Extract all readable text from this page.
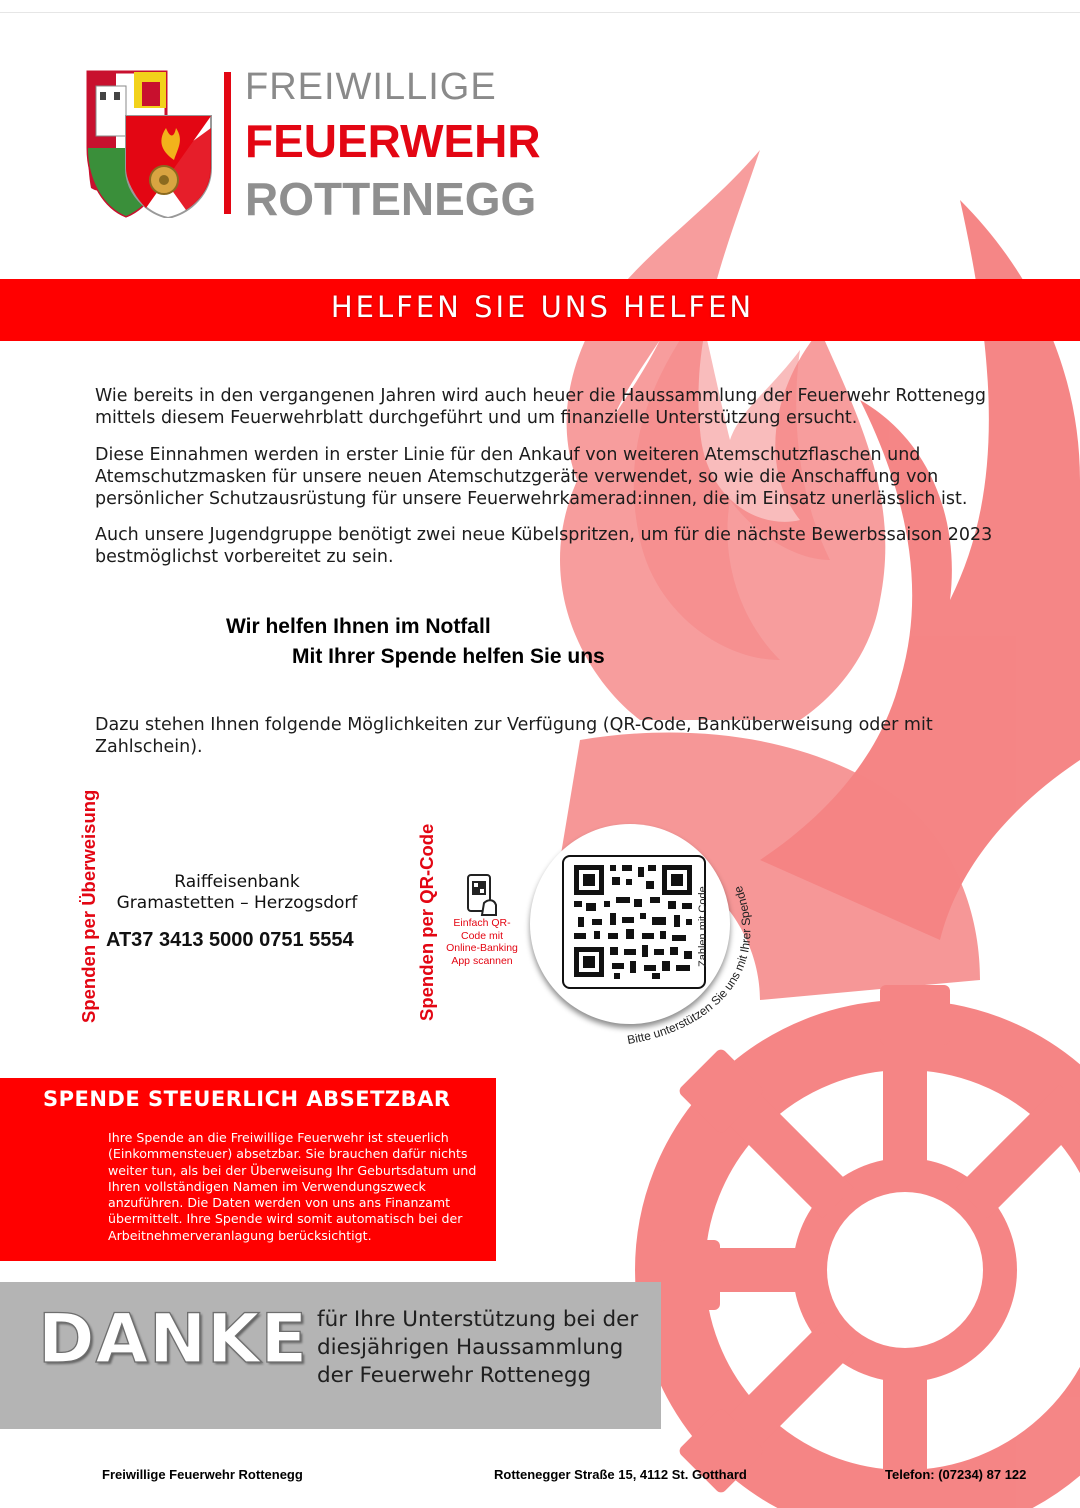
FREIWILLIGE
FEUERWEHR
ROTTENEGG
HELFEN SIE UNS HELFEN
Wie bereits in den vergangenen Jahren wird auch heuer die Haussammlung der Feuerwehr Rottenegg mittels diesem Feuerwehrblatt durchgeführt und um finanzielle Unterstützung ersucht.
Diese Einnahmen werden in erster Linie für den Ankauf von weiteren Atemschutzflaschen und Atemschutzmasken für unsere neuen Atemschutzgeräte verwendet, so wie die Anschaffung von persönlicher Schutzausrüstung für unsere Feuerwehrkamerad:innen, die im Einsatz unerlässlich ist.
Auch unsere Jugendgruppe benötigt zwei neue Kübelspritzen, um für die nächste Bewerbssaison 2023 bestmöglichst vorbereitet zu sein.
Wir helfen Ihnen im Notfall
Mit Ihrer Spende helfen Sie uns
Dazu stehen Ihnen folgende Möglichkeiten zur Verfügung (QR-Code, Banküberweisung oder mit Zahlschein).
Spenden per Überweisung	Raiffeisenbank
Gramastetten – Herzogsdorf
AT37 3413 5000 0751 5554	Spenden per QR-Code	Einfach QR-Code mit Online-Banking App scannen	Zahlen mit Code
Bitte unterstützen Sie uns mit Ihrer Spende
SPENDE STEUERLICH ABSETZBAR
Ihre Spende an die Freiwillige Feuerwehr ist steuerlich (Einkommensteuer) absetzbar. Sie brauchen dafür nichts weiter tun, als bei der Überweisung Ihr Geburtsdatum und Ihren vollständigen Namen im Verwendungszweck anzuführen. Die Daten werden von uns ans Finanzamt übermittelt. Ihre Spende wird somit automatisch bei der Arbeitnehmerveranlagung berücksichtigt.
DANKE für Ihre Unterstützung bei der diesjährigen Haussammlung der Feuerwehr Rottenegg
Freiwillige Feuerwehr Rottenegg	Rottenegger Straße 15, 4112 St. Gotthard	Telefon: (07234) 87 122
